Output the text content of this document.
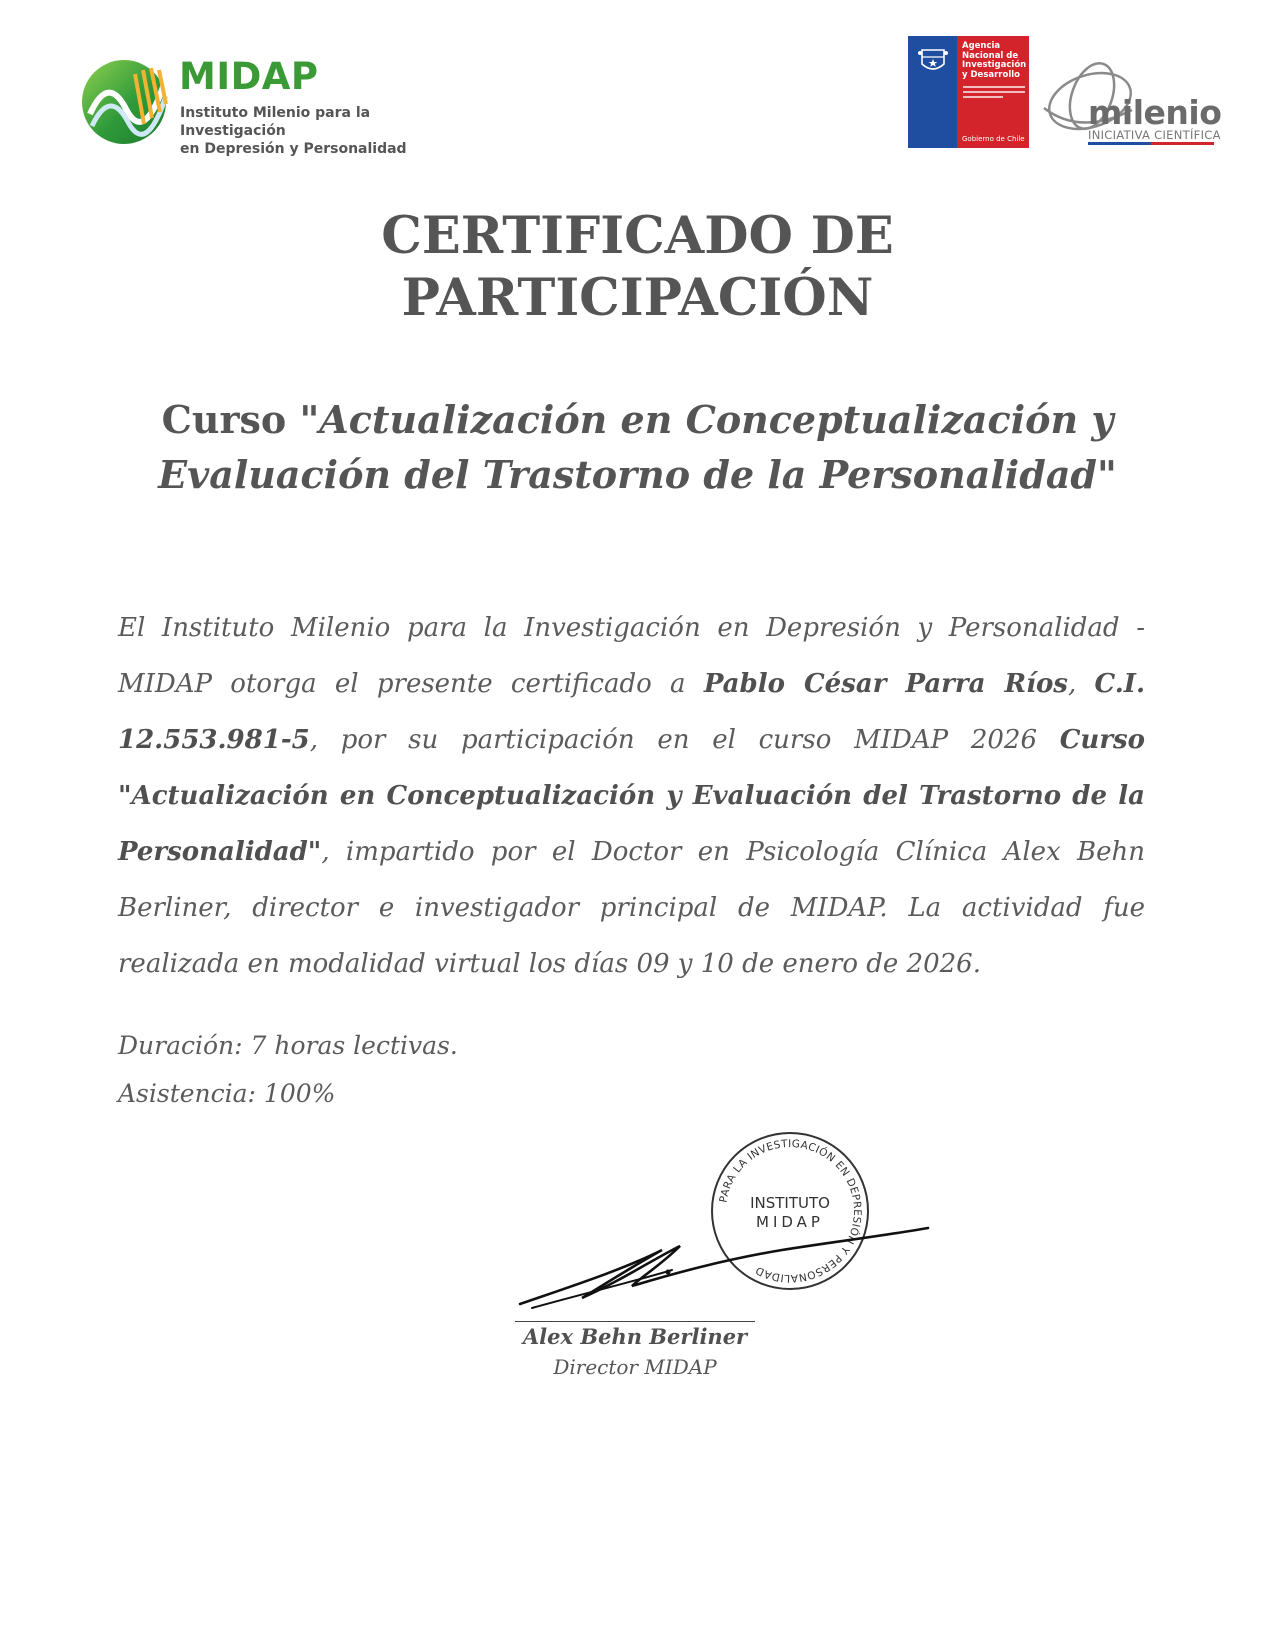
MIDAP
Instituto Milenio para la Investigación
en Depresión y Personalidad
Agencia
Nacional de
Investigación
y Desarrollo
Gobierno de Chile
milenio
INICIATIVA CIENTÍFICA
CERTIFICADO DE
PARTICIPACIÓN
Curso "Actualización en Conceptualización y
Evaluación del Trastorno de la Personalidad"

El Instituto Milenio para la Investigación en Depresión y Personalidad - MIDAP otorga el presente certificado a Pablo César Parra Ríos, C.I. 12.553.981-5, por su participación en el curso MIDAP 2026 Curso "Actualización en Conceptualización y Evaluación del Trastorno de la Personalidad", impartido por el Doctor en Psicología Clínica Alex Behn Berliner, director e investigador principal de MIDAP. La actividad fue realizada en modalidad virtual los días 09 y 10 de enero de 2026.

Duración: 7 horas lectivas.
Asistencia: 100%
PARA LA INVESTIGACIÓN EN DEPRESIÓN Y PERSONALIDAD
INSTITUTO
MIDAP
Alex Behn Berliner
Director MIDAP
